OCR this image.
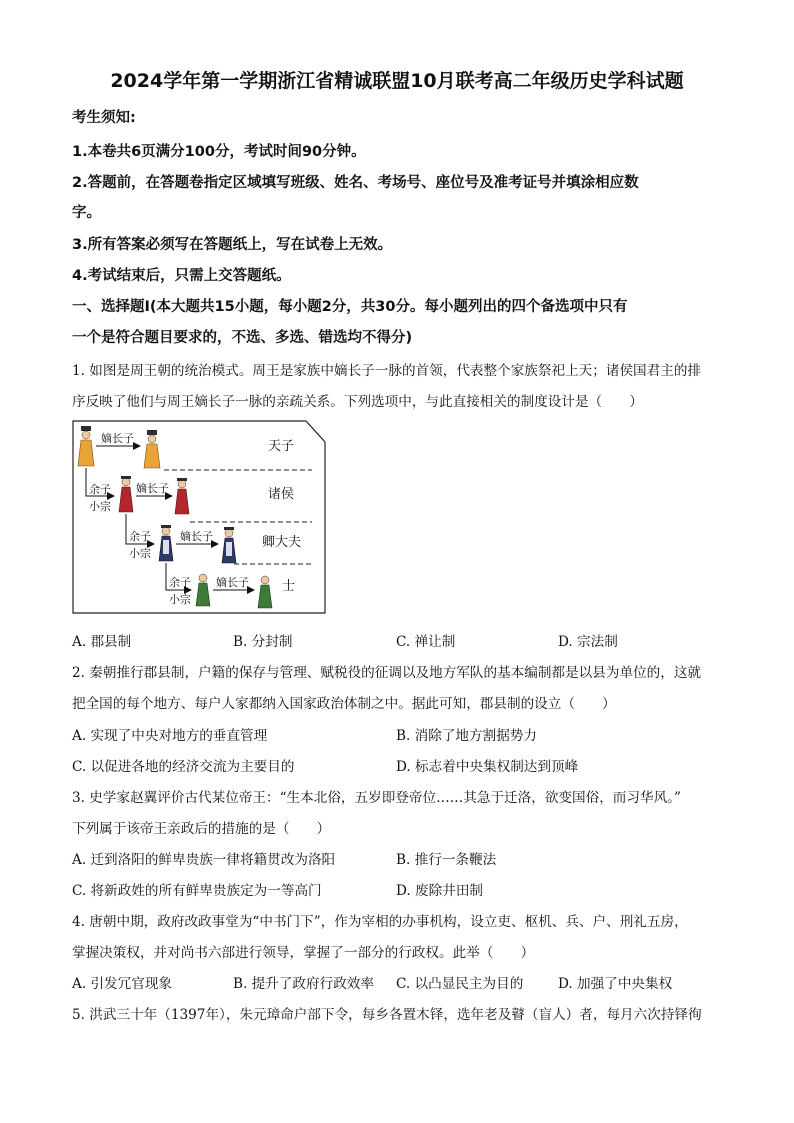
2024学年第一学期浙江省精诚联盟10月联考高二年级历史学科试题
考生须知:
1.本卷共6页满分100分，考试时间90分钟。
2.答题前，在答题卷指定区域填写班级、姓名、考场号、座位号及准考证号并填涂相应数
字。
3.所有答案必须写在答题纸上，写在试卷上无效。
4.考试结束后，只需上交答题纸。
一、选择题Ⅰ(本大题共15小题，每小题2分，共30分。每小题列出的四个备选项中只有
一个是符合题目要求的，不选、多选、错选均不得分)
1. 如图是周王朝的统治模式。周王是家族中嫡长子一脉的首领，代表整个家族祭祀上天；诸侯国君主的排
序反映了他们与周王嫡长子一脉的亲疏关系。下列选项中，与此直接相关的制度设计是（　　）
天子
诸侯
卿大夫
士
嫡长子
嫡长子
嫡长子
嫡长子
余子
小宗
余子
小宗
余子
小宗
A. 郡县制	B. 分封制	C. 禅让制	D. 宗法制
2. 秦朝推行郡县制，户籍的保存与管理、赋税役的征调以及地方军队的基本编制都是以县为单位的，这就
把全国的每个地方、每户人家都纳入国家政治体制之中。据此可知，郡县制的设立（　　）
A. 实现了中央对地方的垂直管理	B. 消除了地方割据势力
C. 以促进各地的经济交流为主要目的	D. 标志着中央集权制达到顶峰
3. 史学家赵翼评价古代某位帝王：“生本北俗，五岁即登帝位……其急于迁洛，欲变国俗，而习华风。”
下列属于该帝王亲政后的措施的是（　　）
A. 迁到洛阳的鲜卑贵族一律将籍贯改为洛阳	B. 推行一条鞭法
C. 将新政姓的所有鲜卑贵族定为一等高门	D. 废除井田制
4. 唐朝中期，政府改政事堂为“中书门下”，作为宰相的办事机构，设立吏、枢机、兵、户、刑礼五房，
掌握决策权，并对尚书六部进行领导，掌握了一部分的行政权。此举（　　）
A. 引发冗官现象	B. 提升了政府行政效率 C. 以凸显民主为目的	D. 加强了中央集权
5. 洪武三十年（1397年），朱元璋命户部下令，每乡各置木铎，选年老及瞽（盲人）者，每月六次持铎徇
